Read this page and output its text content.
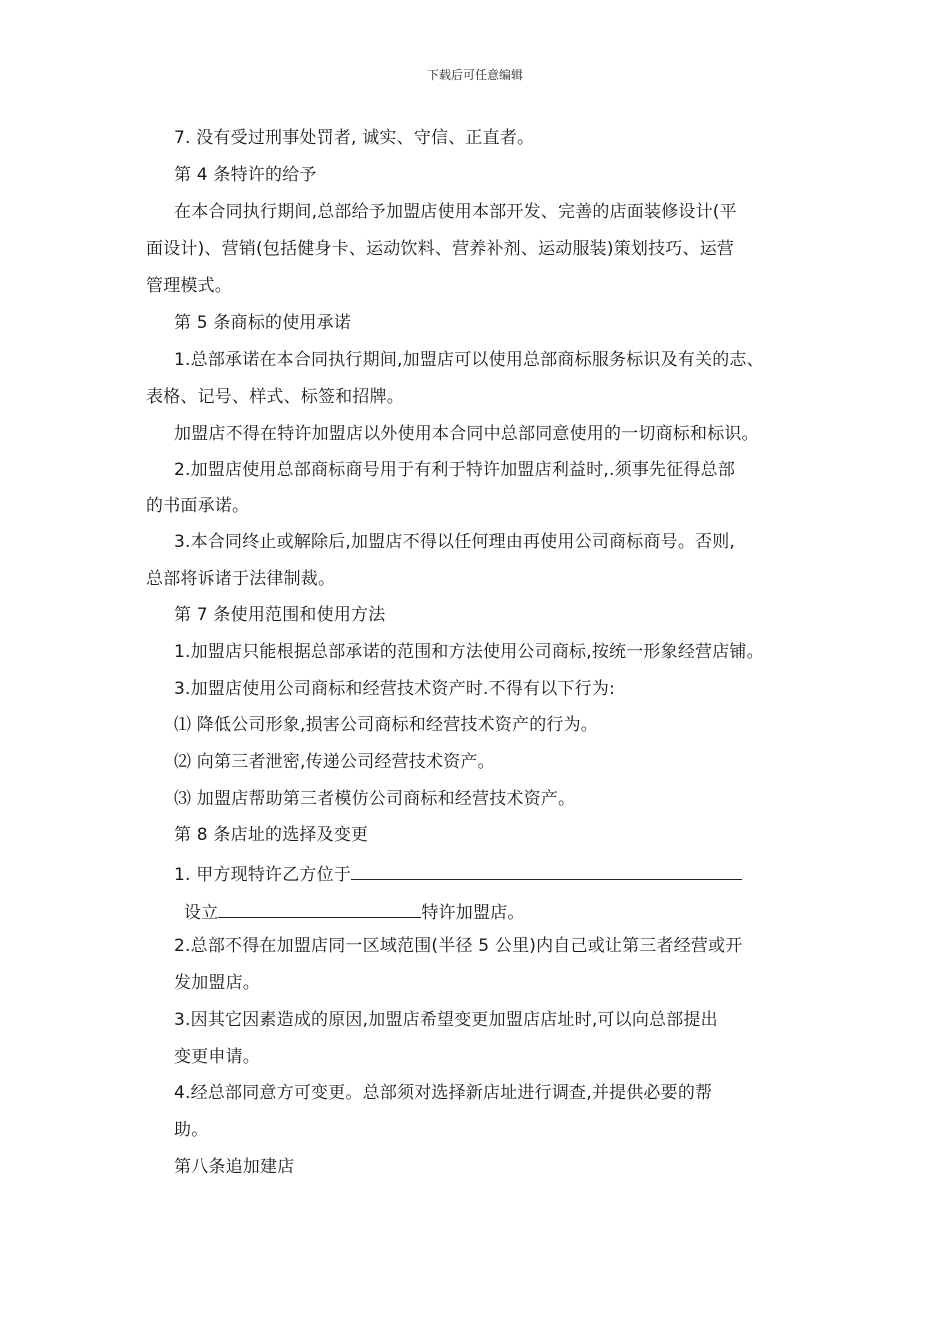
下载后可任意编辑
7. 没有受过刑事处罚者, 诚实、守信、正直者。
第 4 条特许的给予
在本合同执行期间,总部给予加盟店使用本部开发、完善的店面装修设计(平
面设计)、营销(包括健身卡、运动饮料、营养补剂、运动服装)策划技巧、运营
管理模式。
第 5 条商标的使用承诺
1.总部承诺在本合同执行期间,加盟店可以使用总部商标服务标识及有关的志、
表格、记号、样式、标签和招牌。
加盟店不得在特许加盟店以外使用本合同中总部同意使用的一切商标和标识。
2.加盟店使用总部商标商号用于有利于特许加盟店利益时,.须事先征得总部
的书面承诺。
3.本合同终止或解除后,加盟店不得以任何理由再使用公司商标商号。否则,
总部将诉诸于法律制裁。
第 7 条使用范围和使用方法
1.加盟店只能根据总部承诺的范围和方法使用公司商标,按统一形象经营店铺。
3.加盟店使用公司商标和经营技术资产时.不得有以下行为:
⑴ 降低公司形象,损害公司商标和经营技术资产的行为。
⑵ 向第三者泄密,传递公司经营技术资产。
⑶ 加盟店帮助第三者模仿公司商标和经营技术资产。
第 8 条店址的选择及变更
1. 甲方现特许乙方位于
设立	特许加盟店。
2.总部不得在加盟店同一区域范围(半径 5 公里)内自己或让第三者经营或开
发加盟店。
3.因其它因素造成的原因,加盟店希望变更加盟店店址时,可以向总部提出
变更申请。
4.经总部同意方可变更。总部须对选择新店址进行调查,并提供必要的帮
助。
第八条追加建店
